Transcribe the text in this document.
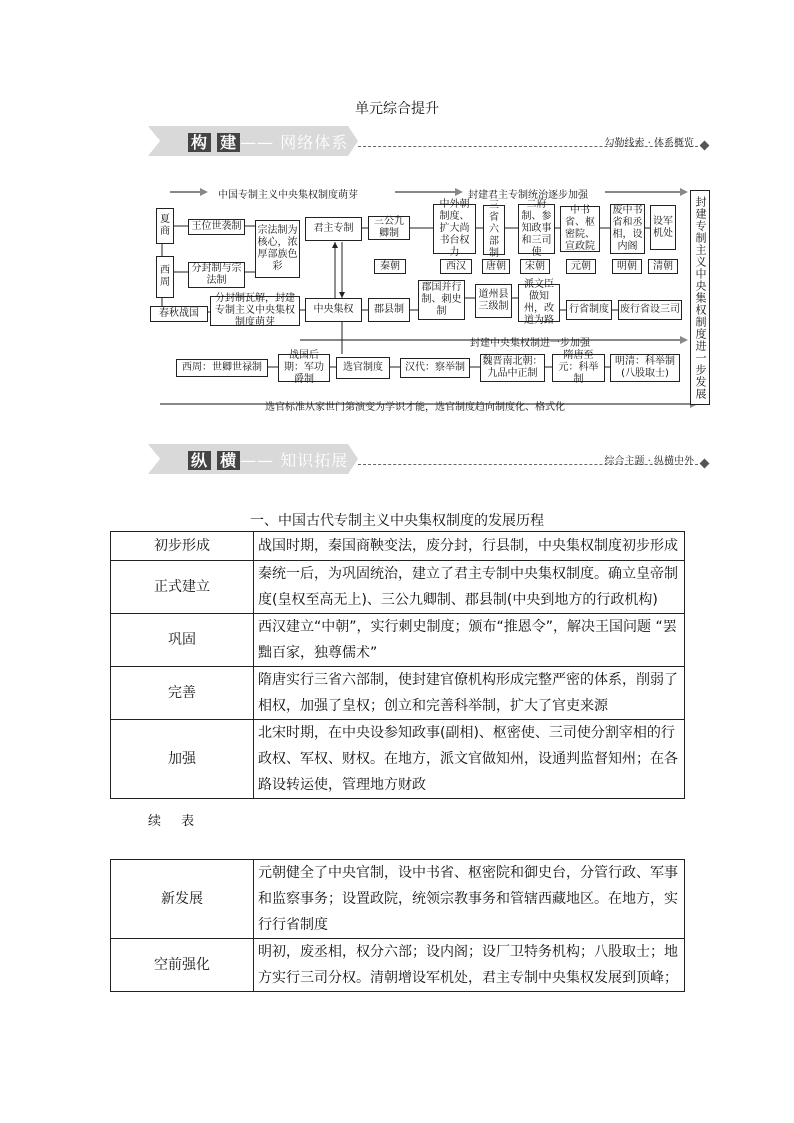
单元综合提升
» 构 建 —— 网络体系	勾勒线索 · 体系概览
中国专制主义中央集权制度萌芽	封建君主专制统治逐步加强
封建中央集权制进一步加强
选官标准从家世门第演变为学识才能，选官制度趋向制度化、格式化
封建专制主义中央集权制度进一步发展
夏商
西周
王位世袭制
分封制与宗法制
宗法制为核心，浓厚部族色彩
春秋战国
分封制瓦解，封建专制主义中央集权制度萌芽
君主专制
中央集权
三公九卿制
秦朝
郡县制
中外朝制度、扩大尚书台权力
西汉
郡国并行制、刺史制
三省六部制
唐朝
道州县三级制
二府制、参知政事和三司使
宋朝
派文臣做知州，改道为路
中书省、枢密院、宣政院
元朝
行省制度
废中书省和丞相，设内阁
明朝
废行省设三司
设军机处
清朝
西周：世卿世禄制
战国后期：军功爵制
选官制度	汉代：察举制
魏晋南北朝：九品中正制
隋唐至元：科举制
明清：科举制(八股取士)
» 纵 横 —— 知识拓展	综合主题 · 纵横中外
一、中国古代专制主义中央集权制度的发展历程
初步形成	战国时期，秦国商鞅变法，废分封，行县制，中央集权制度初步形成
正式建立	秦统一后，为巩固统治，建立了君主专制中央集权制度。确立皇帝制度(皇权至高无上)、三公九卿制、郡县制(中央到地方的行政机构)
巩固	西汉建立“中朝”，实行刺史制度；颁布“推恩令”，解决王国问题 “罢黜百家，独尊儒术”
完善	隋唐实行三省六部制，使封建官僚机构形成完整严密的体系，削弱了相权，加强了皇权；创立和完善科举制，扩大了官吏来源
加强	北宋时期，在中央设参知政事(副相)、枢密使、三司使分割宰相的行政权、军权、财权。在地方，派文官做知州，设通判监督知州；在各路设转运使，管理地方财政
续 表
新发展	元朝健全了中央官制，设中书省、枢密院和御史台，分管行政、军事和监察事务；设置政院，统领宗教事务和管辖西藏地区。在地方，实行行省制度
空前强化	明初，废丞相，权分六部；设内阁；设厂卫特务机构；八股取士；地方实行三司分权。清朝增设军机处，君主专制中央集权发展到顶峰；
